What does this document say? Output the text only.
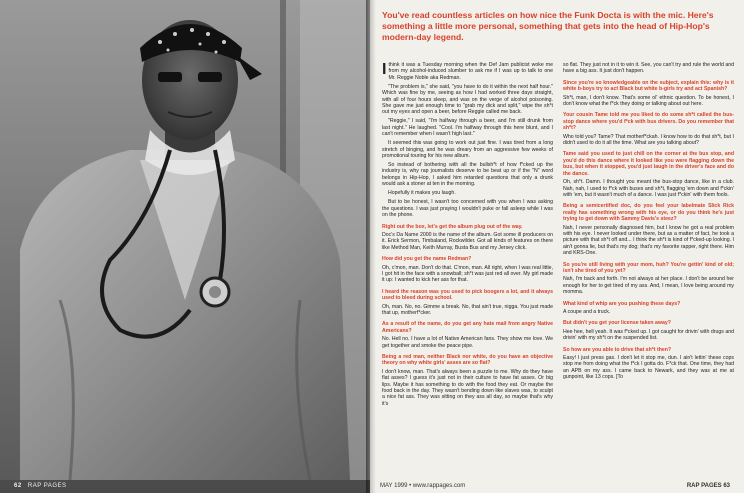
62 RAP PAGES
You've read countless articles on how nice the Funk Docta is with the mic. Here's something a little more personal, something that gets into the head of Hip-Hop's modern-day legend.

Ithink it was a Tuesday morning when the Def Jam publicist woke me from my alcohol-induced slumber to ask me if I was up to talk to one Mr. Reggie Noble aka Redman.

"The problem is," she said, "you have to do it within the next half hour." Which was fine by me, seeing as how I had worked three days straight, with all of four hours sleep, and was on the verge of alcohol poisoning. She gave me just enough time to "grab my dick and split," wipe the sh*t out my eyes and open a beer, before Reggie called me back.

"Reggie," I said, "I'm halfway through a beer, and I'm still drunk from last night." He laughed. "Cool. I'm halfway through this here blunt, and I can't remember when I wasn't high last."

It seemed this was going to work out just fine. I was tired from a long stretch of binging, and he was dreary from an aggressive few weeks of promotional touring for his new album.

So instead of bothering with all the bullsh*t of how f*cked up the industry is, why rap journalists deserve to be beat up or if the "N" word belongs in Hip-Hop, I asked him retarded questions that only a drunk would ask a stoner at ten in the morning.

Hopefully it makes you laugh.

But to be honest, I wasn't too concerned with you when I was asking the questions. I was just praying I wouldn't puke or fall asleep while I was on the phone.

Right out the box, let's get the album plug out of the way.

Doc's Da Name 2000 is the name of the album. Got some ill producers on it. Erick Sermon, Timbaland, Rockwilder. Got all kinds of features on there like Method Man, Keith Murray, Busta Bus and my Jersey click.

How did you get the name Redman?

Oh, c'mon, man. Don't do that. C'mon, man. All right, when I was real little, I got hit in the face with a snowball; sh*t was just red all over. My girl made it up: I wanted to kick her ass for that.

I heard the reason was you used to pick boogers a lot, and it always used to bleed during school.

Oh, man. No, no. Gimme a break. No, that ain't true, nigga. You just made that up, motherf*cker.

As a result of the name, do you get any hate mail from angry Native Americans?

No. Hell no. I have a lot of Native American fans. They show me love. We get together and smoke the peace pipe.

Being a red man, neither Black nor white, do you have an objective theory on why white girls' asses are so flat?

I don't know, man. That's always been a puzzle to me. Why do they have flat asses? I guess it's just not in their culture to have fat asses. Or big lips. Maybe it has something to do with the food they eat. Or maybe the food back in the day. They wasn't bending down like slaves was, to sculpt a nice fat ass. They was sitting on they ass all day, so maybe that's why it's

so flat. They just not in it to win it. See, you can't try and rule the world and have a big ass. It just don't happen.

Since you're so knowledgeable on the subject, explain this: why is it white b-boys try to act Black but white b-girls try and act Spanish?

Sh*t, man, I don't know. That's some ol' ethnic question. To be honest, I don't know what the f*ck they doing or talking about out here.

Your cousin Tame told me you liked to do some sh*t called the bus-stop dance where you'd f*ck with bus drivers. Do you remember that sh*t?

Who told you? Tame? That motherf*ckah. I know how to do that sh*t, but I didn't used to do it all the time. What are you talking about?

Tame said you used to just chill on the corner at the bus stop, and you'd do this dance where it looked like you were flagging down the bus, but when it stopped, you'd just laugh in the driver's face and do the dance.

Oh, sh*t. Damn. I thought you meant the bus-stop dance, like in a club. Nah, nah, I used to f*ck with buses and sh*t, flagging 'em down and f*ckin' with 'em, but it wasn't much of a dance. I was just f*ckin' with them fools.

Being a semicertified doc, do you feel your labelmate Slick Rick really has something wrong with his eye, or do you think he's just trying to get down with Sammy Davis's steez?

Nah, I never personally diagnosed him, but I know he got a real problem with his eye. I never looked under there, but as a matter of fact, he took a picture with that sh*t off and... I think the sh*t is kind of f*cked-up looking. I ain't gonna lie, but that's my dog; that's my favorite rapper, right there. Him and KRS-One.

So you're still living with your mom, huh? You're gettin' kind of old; isn't she tired of you yet?

Nah, I'm back and forth. I'm not always at her place. I don't be around her enough for her to get tired of my ass. And, I mean, I love being around my momma.

What kind of whip are you pushing these days?

A coupe and a truck.

But didn't you get your license taken away?

Hee hee, hell yeah. It was f*cked up. I got caught for drivin' with drugs and drivin' with my sh*t on the suspended list.

So how are you able to drive that sh*t then?

Easy! I just press gas. I don't let it stop me, dun. I ain't lettin' these cops stop me from doing what the f*ck I gotta do. F*ck that. One time, they had an APB on my ass. I came back to Newark, and they was at me at gunpoint, like 13 cops. [To

MAY 1999 • www.rappages.com	RAP PAGES 63
